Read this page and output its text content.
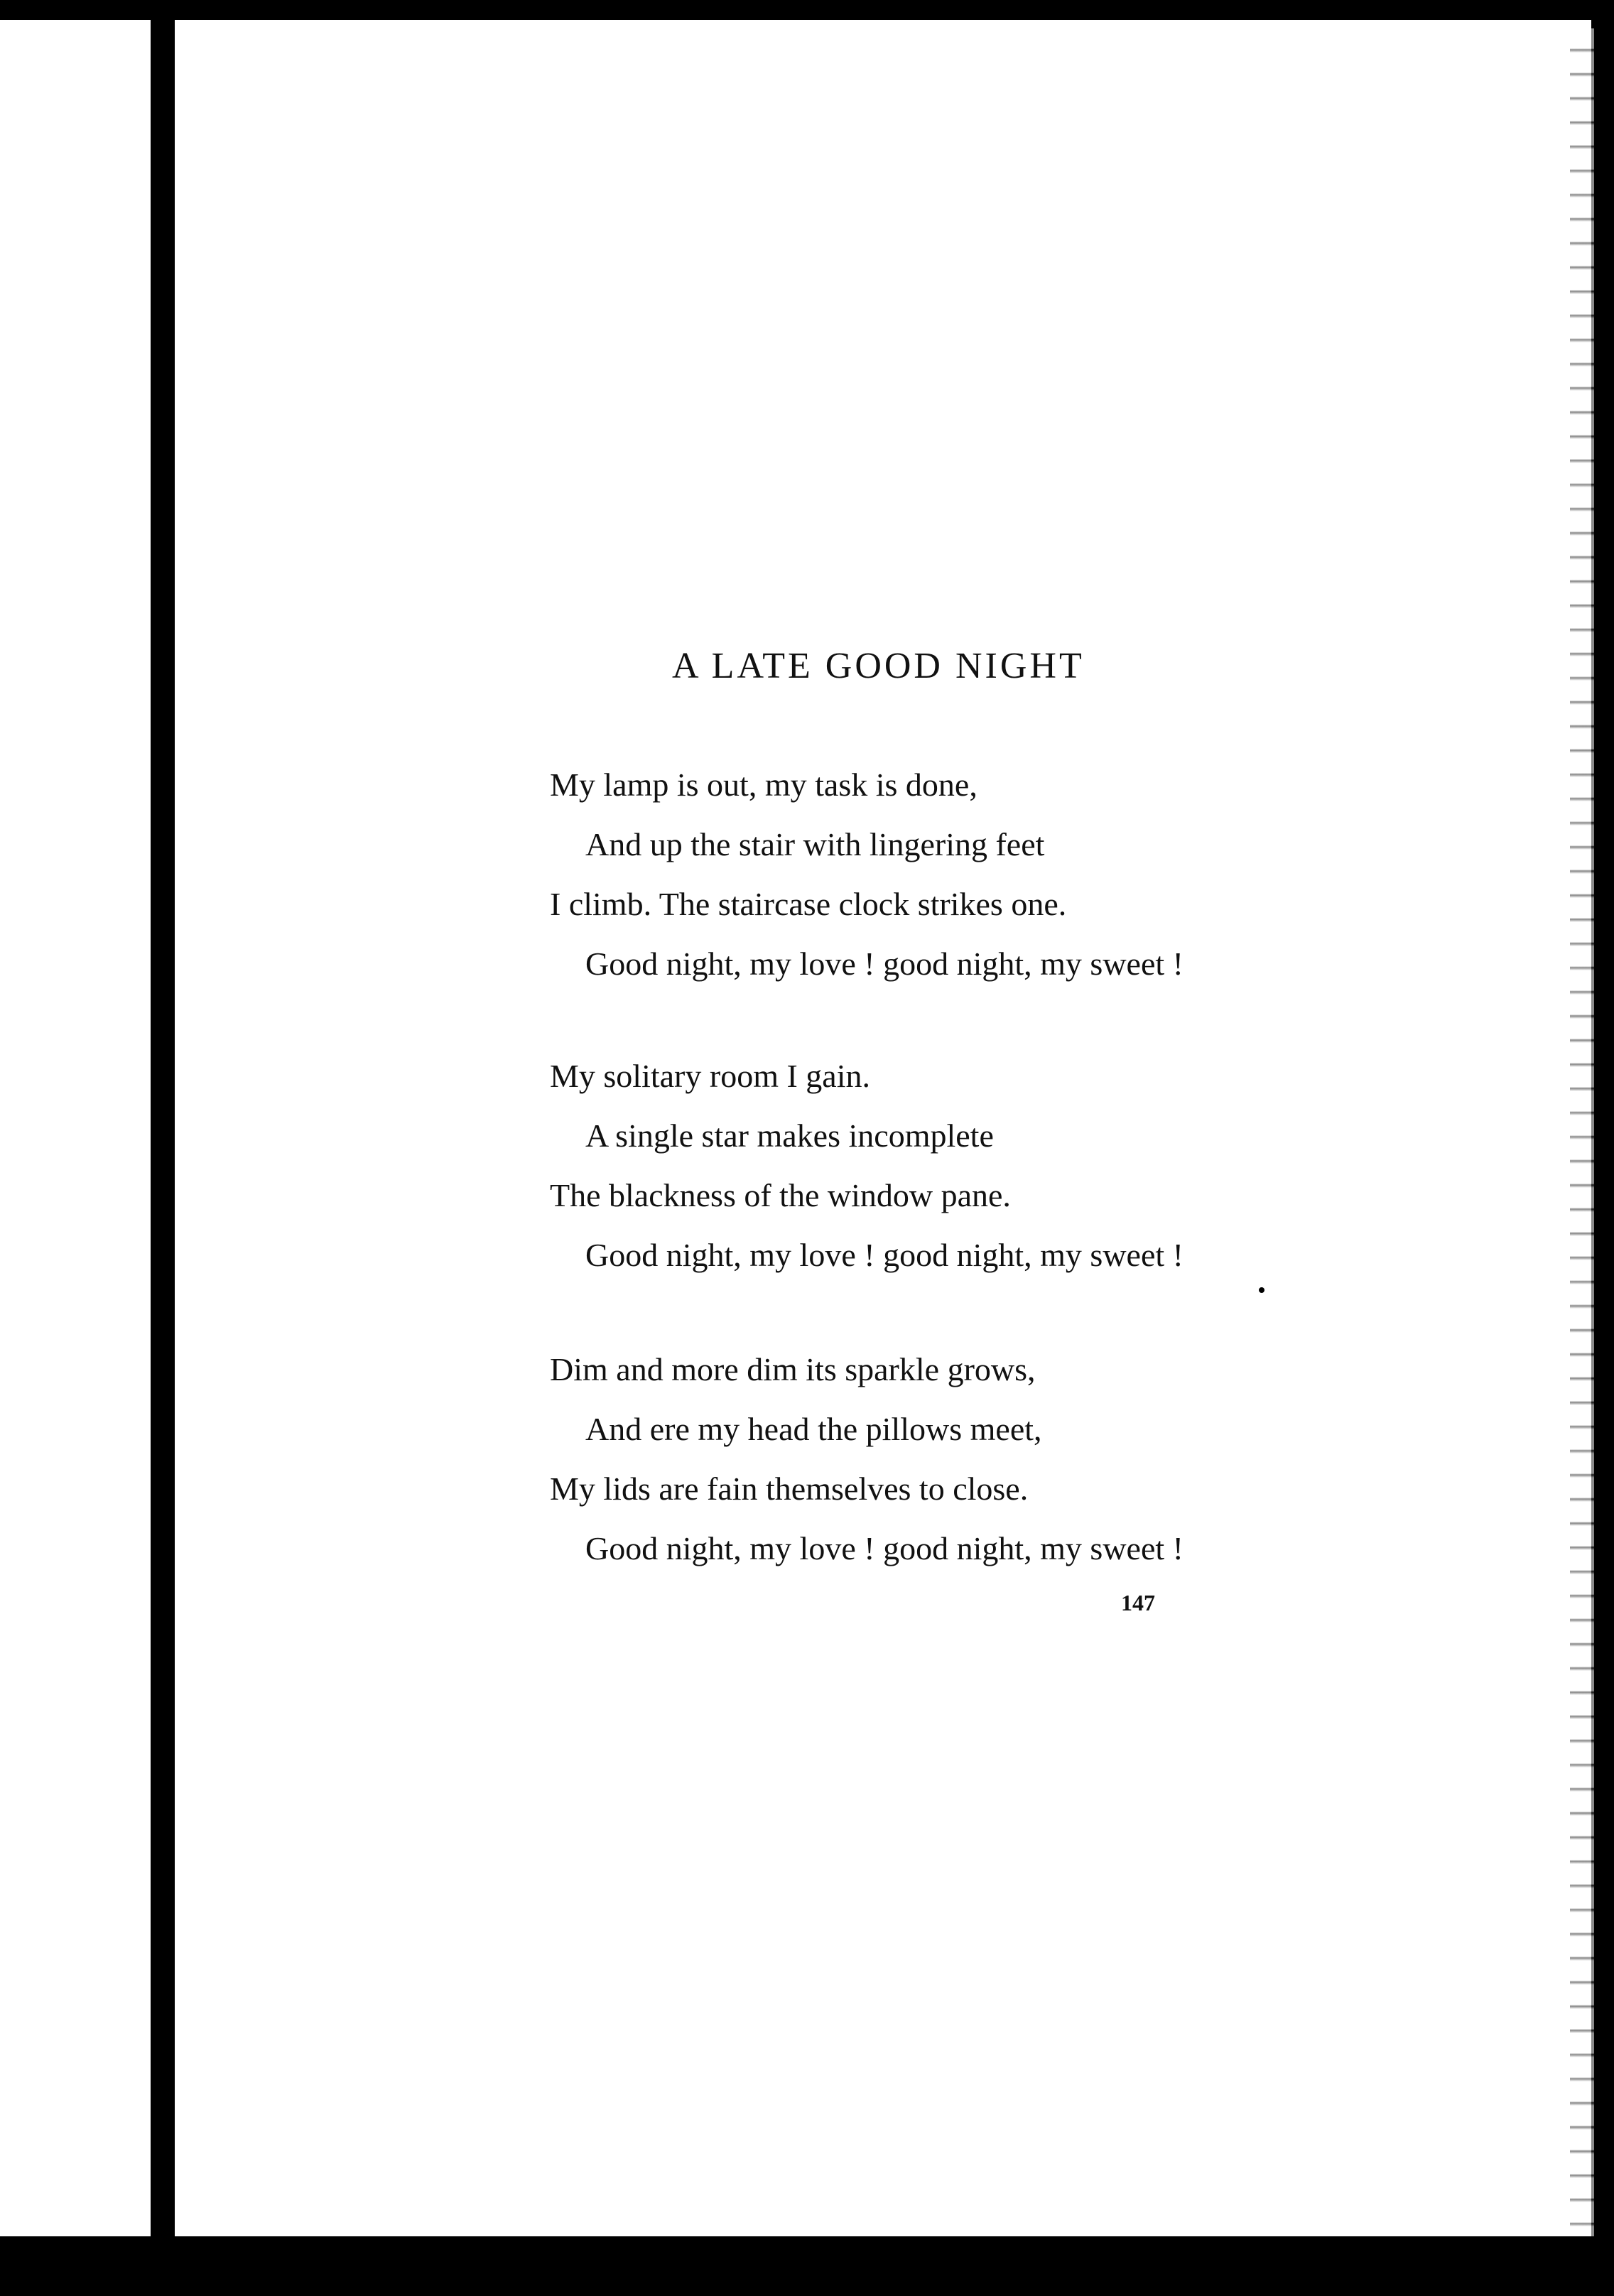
A LATE GOOD NIGHT
My lamp is out, my task is done,
And up the stair with lingering feet
I climb. The staircase clock strikes one.
Good night, my love ! good night, my sweet !
My solitary room I gain.
A single star makes incomplete
The blackness of the window pane.
Good night, my love ! good night, my sweet !
Dim and more dim its sparkle grows,
And ere my head the pillows meet,
My lids are fain themselves to close.
Good night, my love ! good night, my sweet !
147
